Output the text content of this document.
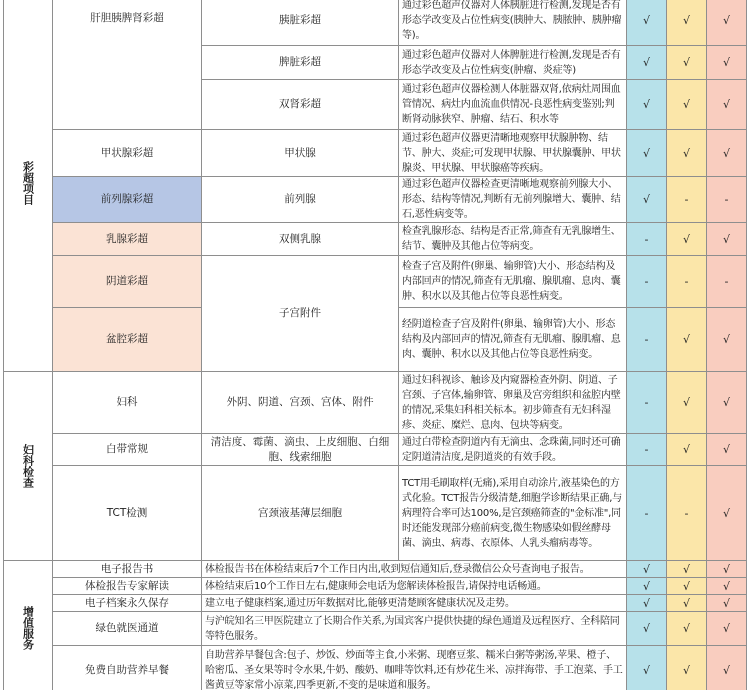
彩超项目	肝胆胰脾肾彩超	胰脏彩超	通过彩色超声仪器对人体胰脏进行检测,发现是否有形态学改变及占位性病变(胰肿大、胰脓肿、胰肿瘤等)。	√	√	√
		脾脏彩超	通过彩色超声仪器对人体脾脏进行检测,发现是否有形态学改变及占位性病变(肿瘤、炎症等)	√	√	√
		双肾彩超	通过彩色超声仪器检测人体脏器双肾,依病灶周围血管情况、病灶内血流血供情况-良恶性病变鉴别;判断肾动脉狭窄、肿瘤、结石、积水等	√	√	√
	甲状腺彩超	甲状腺	通过彩色超声仪器更清晰地观察甲状腺肿物、结节、肿大、炎症;可发现甲状腺、甲状腺囊肿、甲状腺炎、甲状腺、甲状腺癌等疾病。	√	√	√
	前列腺彩超	前列腺	通过彩色超声仪器检查更清晰地观察前列腺大小、形态、结构等情况,判断有无前列腺增大、囊肿、结石,恶性病变等。	√	-	-
	乳腺彩超	双侧乳腺	检查乳腺形态、结构是否正常,筛查有无乳腺增生、结节、囊肿及其他占位等病变。	-	√	√
	阴道彩超	子宫附件	检查子宫及附件(卵巢、输卵管)大小、形态结构及内部回声的情况,筛查有无肌瘤、腺肌瘤、息肉、囊肿、积水以及其他占位等良恶性病变。	-	-	-
	盆腔彩超		经阴道检查子宫及附件(卵巢、输卵管)大小、形态结构及内部回声的情况,筛查有无肌瘤、腺肌瘤、息肉、囊肿、积水以及其他占位等良恶性病变。	-	√	√
妇科检查	妇科	外阴、阴道、宫颈、宫体、附件	通过妇科视诊、触诊及内窥器检查外阴、阴道、子宫颈、子宫体,输卵管、卵巢及宫旁组织和盆腔内壁的情况,采集妇科相关标本。初步筛查有无妇科湿疹、炎症、糜烂、息肉、包块等病变。	-	√	√
	白带常规	清洁度、霉菌、滴虫、上皮细胞、白细胞、线索细胞	通过白带检查阴道内有无滴虫、念珠菌,同时还可确定阴道清洁度,是阴道炎的有效手段。	-	√	√
	TCT检测	宫颈液基薄层细胞	TCT用毛刷取样(无痛),采用自动涂片,液基染色的方式化验。TCT报告分级清楚,细胞学诊断结果正确,与病理符合率可达100%,是宫颈癌筛查的"金标准",同时还能发现部分癌前病变,微生物感染如假丝酵母菌、滴虫、病毒、衣原体、人乳头瘤病毒等。	-	-	√
增值服务	电子报告书	体检报告书在体检结束后7个工作日内出,收到短信通知后,登录微信公众号查询电子报告。		√	√	√
	体检报告专家解读	体检结束后10个工作日左右,健康师会电话为您解读体检报告,请保持电话畅通。		√	√	√
	电子档案永久保存	建立电子健康档案,通过历年数据对比,能够更清楚顾客健康状况及走势。		√	√	√
	绿色就医通道	与沪皖知名三甲医院建立了长期合作关系,为国宾客户提供快捷的绿色通道及远程医疗、全科陪同等特色服务。		√	√	√
	免费自助营养早餐	自助营养早餐包含:包子、炒饭、炒面等主食,小米粥、现磨豆浆、糯米白粥等粥汤,苹果、橙子、哈密瓜、圣女果等时令水果,牛奶、酸奶、咖啡等饮料,还有炒花生米、凉拌海带、手工泡菜、手工酱黄豆等家常小凉菜,四季更新,不变的是味道和服务。		√	√	√
